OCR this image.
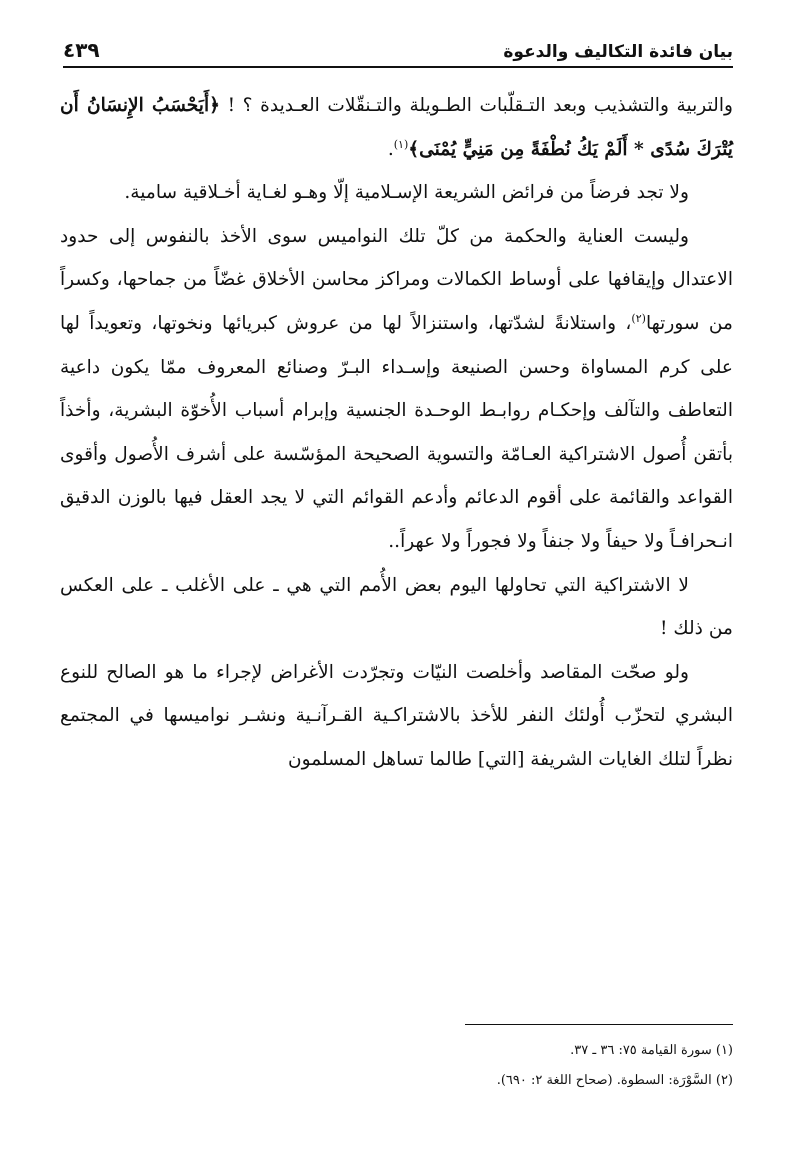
بيان فائدة التكاليف والدعوة
٤٣٩

والتربية والتشذيب وبعد التـقلّبات الطـويلة والتـنقّلات العـديدة ؟ ! ﴿أَيَحْسَبُ الإِنسَانُ أَن يُتْرَكَ سُدًى * أَلَمْ يَكُ نُطْفَةً مِن مَنِيٍّ يُمْنَى﴾$^{(١)}$.

ولا تجد فرضاً من فرائض الشريعة الإسـلامية إلّا وهـو لغـاية أخـلاقية سامية.

وليست العناية والحكمة من كلّ تلك النواميس سوى الأخذ بالنفوس إلى حدود الاعتدال وإيقافها على أوساط الكمالات ومراكز محاسن الأخلاق غضّاً من جماحها، وكسراً من سورتها$^{(٢)}$، واستلانةً لشدّتها، واستنزالاً لها من عروش كبريائها ونخوتها، وتعويداً لها على كرم المساواة وحسن الصنيعة وإسـداء البـرّ وصنائع المعروف ممّا يكون داعية التعاطف والتآلف وإحكـام روابـط الوحـدة الجنسية وإبرام أسباب الأُخوّة البشرية، وأخذاً بأتقن أُصول الاشتراكية العـامّة والتسوية الصحيحة المؤسّسة على أشرف الأُصول وأقوى القواعد والقائمة على أقوم الدعائم وأدعم القوائم التي لا يجد العقل فيها بالوزن الدقيق انـحرافـاً ولا حيفاً ولا جنفاً ولا فجوراً ولا عهراً..

لا الاشتراكية التي تحاولها اليوم بعض الأُمم التي هي ـ على الأغلب ـ على العكس من ذلك !

ولو صحّت المقاصد وأخلصت النيّات وتجرّدت الأغراض لإجراء ما هو الصالح للنوع البشري لتحزّب أُولئك النفر للأخذ بالاشتراكـية القـرآنـية ونشـر نواميسها في المجتمع نظراً لتلك الغايات الشريفة [التي] طالما تساهل المسلمون

(١) سورة القيامة ٧٥: ٣٦ ـ ٣٧.

(٢) السَّوْرَة: السطوة. (صحاح اللغة ٢: ٦٩٠).
